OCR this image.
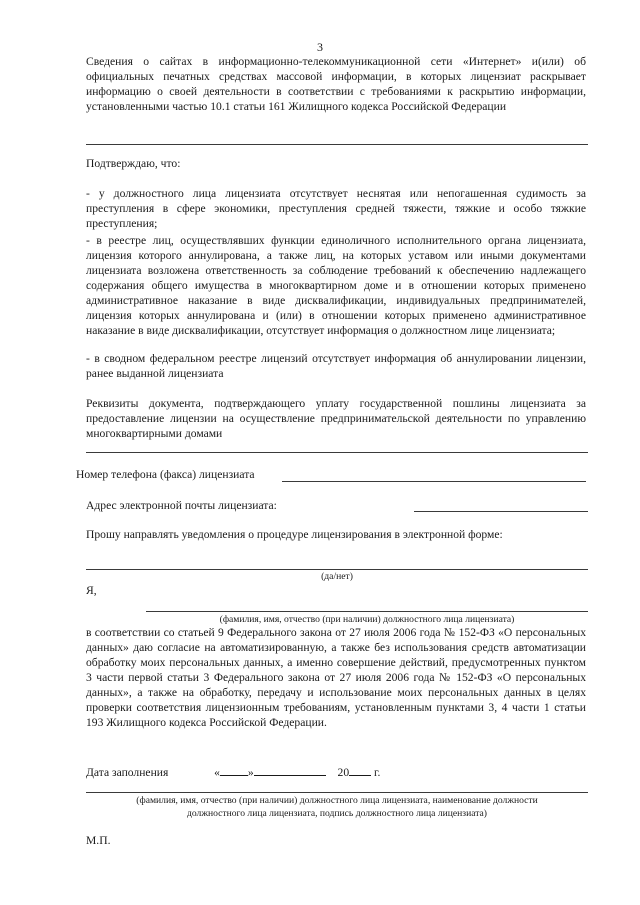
3

Сведения о сайтах в информационно-телекоммуникационной сети «Интернет» и(или) об официальных печатных средствах массовой информации, в которых лицензиат раскрывает информацию о своей деятельности в соответствии с требованиями к раскрытию информации, установленными частью 10.1 статьи 161 Жилищного кодекса Российской Федерации

Подтверждаю, что:

- у должностного лица лицензиата отсутствует неснятая или непогашенная судимость за преступления в сфере экономики, преступления средней тяжести, тяжкие и особо тяжкие преступления;

- в реестре лиц, осуществлявших функции единоличного исполнительного органа лицензиата, лицензия которого аннулирована, а также лиц, на которых уставом или иными документами лицензиата возложена ответственность за соблюдение требований к обеспечению надлежащего содержания общего имущества в многоквартирном доме и в отношении которых применено административное наказание в виде дисквалификации, индивидуальных предпринимателей, лицензия которых аннулирована и (или) в отношении которых применено административное наказание в виде дисквалификации, отсутствует информация о должностном лице лицензиата;

- в сводном федеральном реестре лицензий отсутствует информация об аннулировании лицензии, ранее выданной лицензиата

Реквизиты документа, подтверждающего уплату государственной пошлины лицензиата за предоставление лицензии на осуществление предпринимательской деятельности по управлению многоквартирными домами

Номер телефона (факса) лицензиата
Адрес электронной почты лицензиата:

Прошу направлять уведомления о процедуре лицензирования в электронной форме:

(да/нет)
Я,
(фамилия, имя, отчество (при наличии) должностного лица лицензиата)

в соответствии со статьей 9 Федерального закона от 27 июля 2006 года № 152-ФЗ «О персональных данных» даю согласие на автоматизированную, а также без использования средств автоматизации обработку моих персональных данных, а именно совершение действий, предусмотренных пунктом 3 части первой статьи 3 Федерального закона от 27 июля 2006 года № 152-ФЗ «О персональных данных», а также на обработку, передачу и использование моих персональных данных в целях проверки соответствия лицензионным требованиям, установленным пунктами 3, 4 части 1 статьи 193 Жилищного кодекса Российской Федерации.

Дата заполнения	« »	20 г.
(фамилия, имя, отчество (при наличии) должностного лица лицензиата, наименование должности
должностного лица лицензиата, подпись должностного лица лицензиата)
М.П.
